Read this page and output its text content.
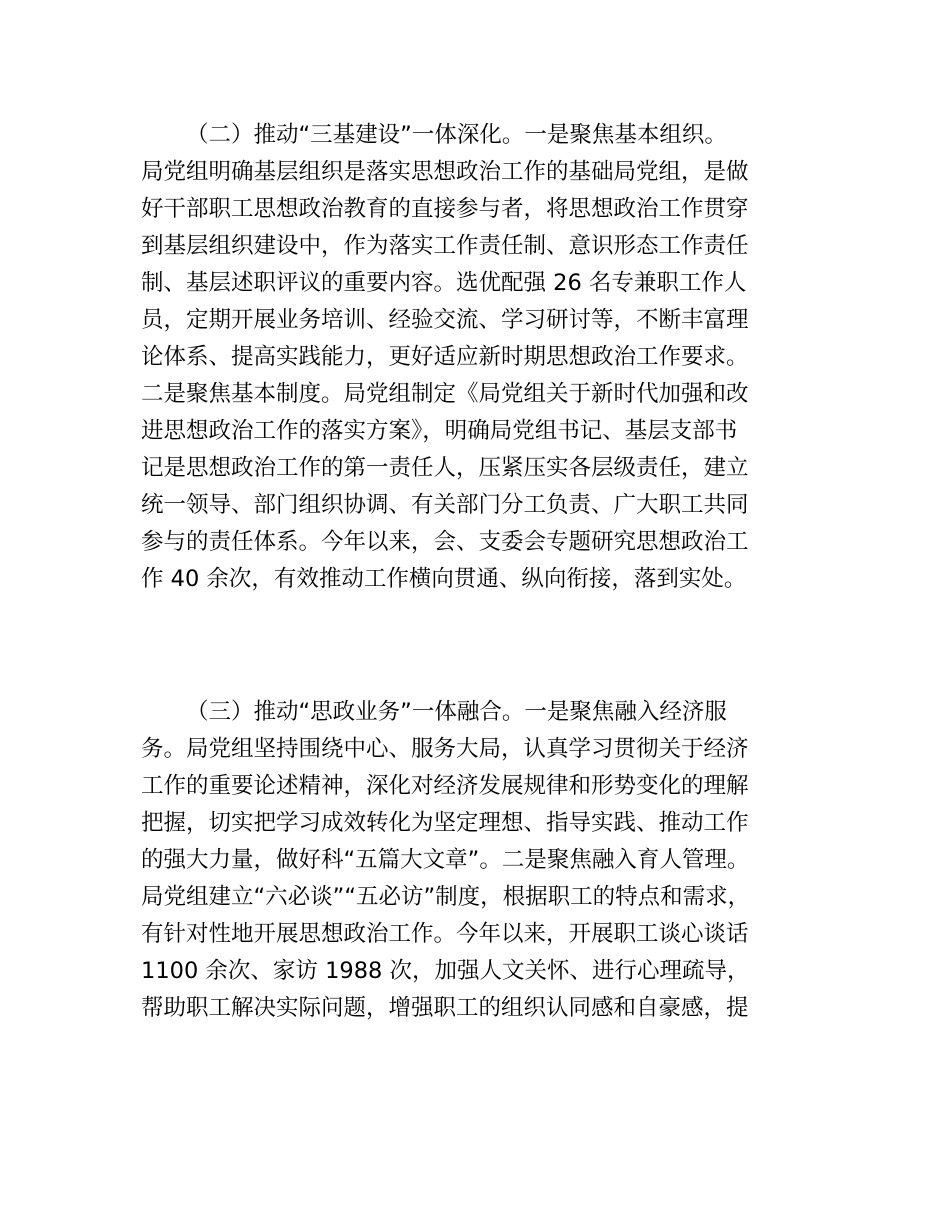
（二）推动“三基建设”一体深化。一是聚焦基本组织。
局党组明确基层组织是落实思想政治工作的基础局党组，是做
好干部职工思想政治教育的直接参与者，将思想政治工作贯穿
到基层组织建设中，作为落实工作责任制、意识形态工作责任
制、基层述职评议的重要内容。选优配强 26 名专兼职工作人
员，定期开展业务培训、经验交流、学习研讨等，不断丰富理
论体系、提高实践能力，更好适应新时期思想政治工作要求。
二是聚焦基本制度。局党组制定《局党组关于新时代加强和改
进思想政治工作的落实方案》，明确局党组书记、基层支部书
记是思想政治工作的第一责任人，压紧压实各层级责任，建立
统一领导、部门组织协调、有关部门分工负责、广大职工共同
参与的责任体系。今年以来，会、支委会专题研究思想政治工
作 40 余次，有效推动工作横向贯通、纵向衔接，落到实处。
（三）推动“思政业务”一体融合。一是聚焦融入经济服
务。局党组坚持围绕中心、服务大局，认真学习贯彻关于经济
工作的重要论述精神，深化对经济发展规律和形势变化的理解
把握，切实把学习成效转化为坚定理想、指导实践、推动工作
的强大力量，做好科“五篇大文章”。二是聚焦融入育人管理。
局党组建立“六必谈”“五必访”制度，根据职工的特点和需求，
有针对性地开展思想政治工作。今年以来，开展职工谈心谈话
1100 余次、家访 1988 次，加强人文关怀、进行心理疏导，
帮助职工解决实际问题，增强职工的组织认同感和自豪感，提
